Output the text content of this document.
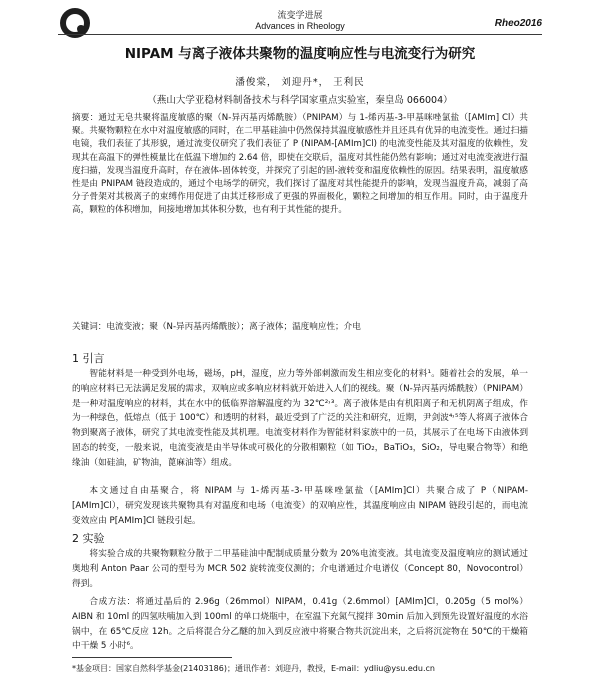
流变学进展
Advances in Rheology	Rheo2016
NIPAM 与离子液体共聚物的温度响应性与电流变行为研究
潘俊棠， 刘迎丹*， 王利民
（燕山大学亚稳材料制备技术与科学国家重点实验室，秦皇岛 066004）

摘要：通过无皂共聚将温度敏感的聚（N-异丙基丙烯酰胺）（PNIPAM）与 1-烯丙基-3-甲基咪唑氯盐（[AMIm] Cl）共聚。共聚物颗粒在水中对温度敏感的同时，在二甲基硅油中仍然保持其温度敏感性并且还具有优异的电流变性。通过扫描电镜，我们表征了其形貌，通过流变仪研究了我们表征了 P (NIPAM-[AMIm]Cl) 的电流变性能及其对温度的依赖性，发现其在高温下的弹性模量比在低温下增加约 2.64 倍，即使在交联后，温度对其性能仍然有影响；通过对电流变液进行温度扫描，发现当温度升高时，存在液体-固体转变，并探究了引起的固-液转变和温度依赖性的原因。结果表明，温度敏感性是由 PNIPAM 链段造成的，通过个电场学的研究，我们探讨了温度对其性能提升的影响，发现当温度升高，减弱了高分子骨架对其极离子的束缚作用促进了由其迁移形成了更强的界面极化，颗粒之间增加的相互作用。同时，由于温度升高，颗粒的体积增加，间接地增加其体积分数，也有利于其性能的提升。

关键词：电流变液；聚（N-异丙基丙烯酰胺）；离子液体；温度响应性；介电

1 引言

智能材料是一种受到外电场，磁场，pH，湿度，应力等外部刺激而发生相应变化的材料¹。随着社会的发展，单一的响应材料已无法满足发展的需求，双响应或多响应材料就开始进入人们的视线。聚（N-异丙基丙烯酰胺）（PNIPAM）是一种对温度响应的材料，其在水中的低临界溶解温度约为 32℃²˒³。离子液体是由有机阳离子和无机阴离子组成，作为一种绿色，低熔点（低于 100℃）和透明的材料，最近受到了广泛的关注和研究，近期，尹剑波⁴˒⁵等人将离子液体合物到聚离子液体，研究了其电流变性能及其机理。电流变材料作为智能材料家族中的一员，其展示了在电场下由液体到固态的转变，一般来说，电流变液是由半导体或可极化的分散相颗粒（如 TiO₂，BaTiO₃，SiO₂，导电聚合物等）和绝缘油（如硅油，矿物油，蓖麻油等）组成。

本文通过自由基聚合，将 NIPAM 与 1-烯丙基-3-甲基咪唑氯盐（[AMIm]Cl）共聚合成了 P（NIPAM-[AMIm]Cl），研究发现该共聚物具有对温度和电场（电流变）的双响应性，其温度响应由 NIPAM 链段引起的，而电流变效应由 P[AMIm]Cl 链段引起。

2 实验

将实验合成的共聚物颗粒分散于二甲基硅油中配制成质量分数为 20%电流变液。其电流变及温度响应的测试通过奥地利 Anton Paar 公司的型号为 MCR 502 旋转流变仪测的；介电谱通过介电谱仪（Concept 80，Novocontrol）得到。

合成方法：将通过晶后的 2.96g（26mmol）NIPAM，0.41g（2.6mmol）[AMIm]Cl，0.205g（5 mol%）AIBN 和 10ml 的四氢呋喃加入到 100ml 的单口烧瓶中，在室温下充氮气搅拌 30min 后加入到预先设置好温度的水浴锅中，在 65℃反应 12h。之后将混合分乙醚的加入到反应液中将聚合物共沉淀出来，之后将沉淀物在 50℃的干燥箱中干燥 5 小时⁶。

*基金项目：国家自然科学基金(21403186)；通讯作者：刘迎丹，教授，E-mail：ydliu@ysu.edu.cn
